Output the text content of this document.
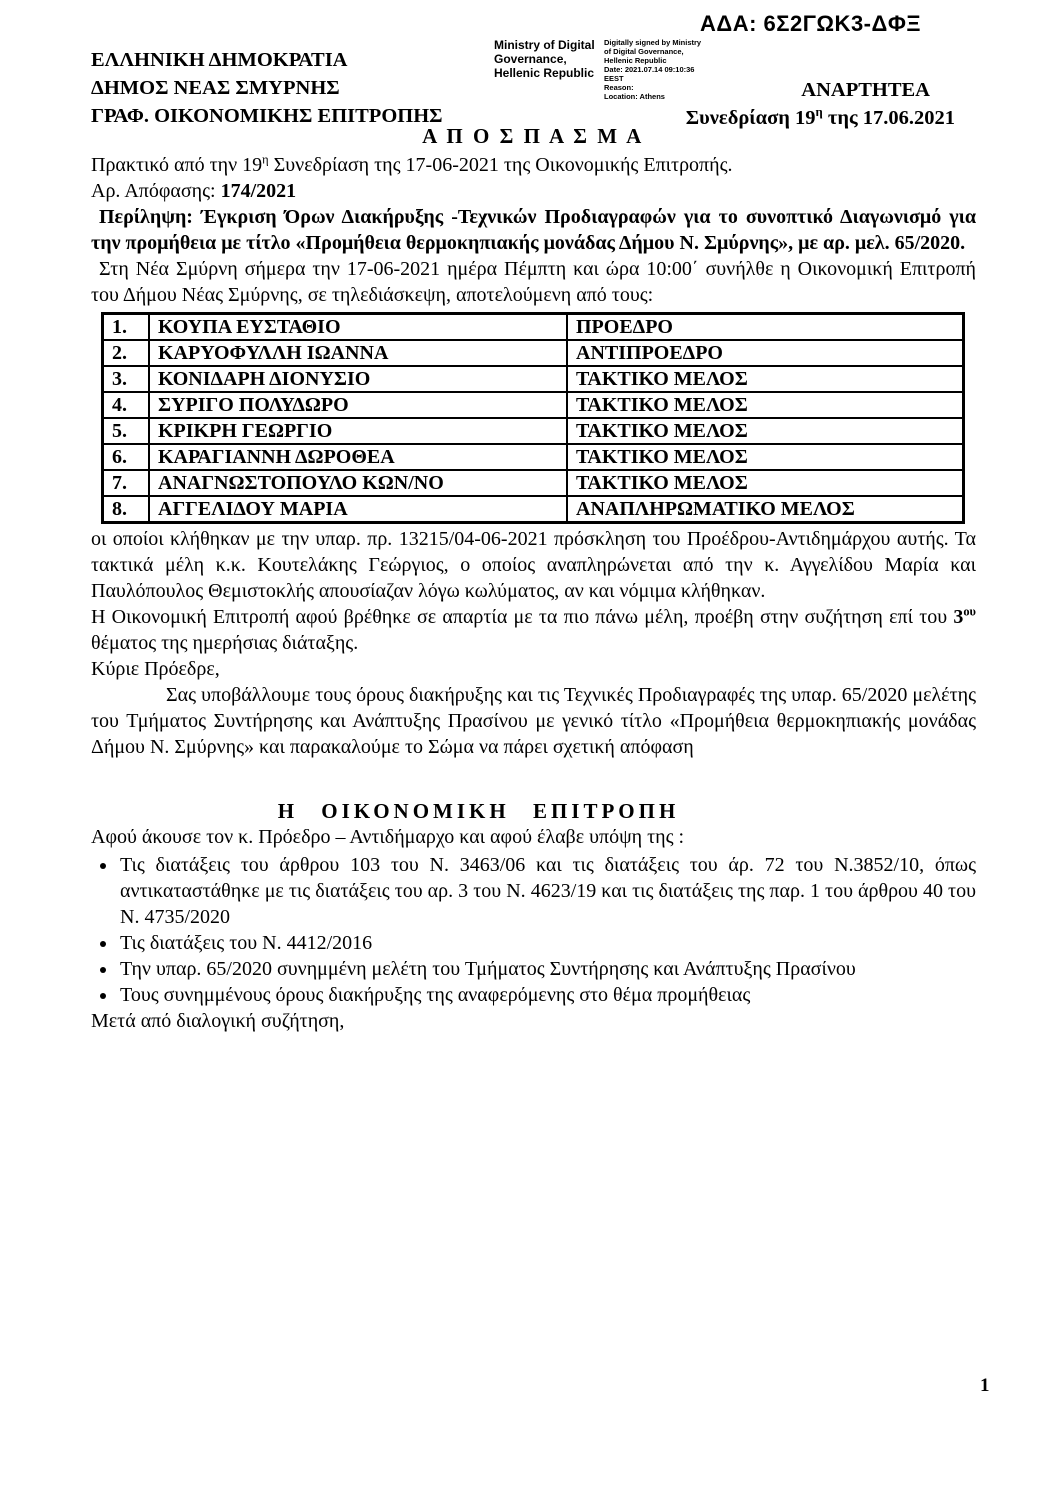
ΑΔΑ: 6Σ2ΓΩΚ3-ΔΦΞ
ΕΛΛΗΝΙΚΗ ΔΗΜΟΚΡΑΤΙΑ
ΔΗΜΟΣ ΝΕΑΣ ΣΜΥΡΝΗΣ
ΓΡΑΦ. ΟΙΚΟΝΟΜΙΚΗΣ ΕΠΙΤΡΟΠΗΣ
Ministry of Digital
Governance,
Hellenic Republic
Digitally signed by Ministry
of Digital Governance,
Hellenic Republic
Date: 2021.07.14 09:10:36
EEST
Reason:
Location: Athens	ΑΝΑΡΤΗΤΕΑ
Συνεδρίαση $19^\eta$ της 17.06.2021
Α Π Ο Σ Π Α Σ Μ Α

Πρακτικό από την $19^\eta$ Συνεδρίαση της 17-06-2021 της Οικονομικής Επιτροπής.

Αρ. Απόφασης: 174/2021

Περίληψη: Έγκριση Όρων Διακήρυξης -Τεχνικών Προδιαγραφών για το συνοπτικό Διαγωνισμό για την προμήθεια με τίτλο «Προμήθεια θερμοκηπιακής μονάδας Δήμου Ν. Σμύρνης», με αρ. μελ. 65/2020.

Στη Νέα Σμύρνη σήμερα την 17-06-2021 ημέρα Πέμπτη και ώρα 10:00΄ συνήλθε η Οικονομική Επιτροπή του Δήμου Νέας Σμύρνης, σε τηλεδιάσκεψη, αποτελούμενη από τους:

1.	ΚΟΥΠΑ ΕΥΣΤΑΘΙΟ	ΠΡΟΕΔΡΟ
2.	ΚΑΡΥΟΦΥΛΛΗ ΙΩΑΝΝΑ	ΑΝΤΙΠΡΟΕΔΡΟ
3.	ΚΟΝΙΔΑΡΗ ΔΙΟΝΥΣΙΟ	ΤΑΚΤΙΚΟ ΜΕΛΟΣ
4.	ΣΥΡΙΓΟ ΠΟΛΥΔΩΡΟ	ΤΑΚΤΙΚΟ ΜΕΛΟΣ
5.	ΚΡΙΚΡΗ ΓΕΩΡΓΙΟ	ΤΑΚΤΙΚΟ ΜΕΛΟΣ
6.	ΚΑΡΑΓΙΑΝΝΗ ΔΩΡΟΘΕΑ	ΤΑΚΤΙΚΟ ΜΕΛΟΣ
7.	ΑΝΑΓΝΩΣΤΟΠΟΥΛΟ ΚΩΝ/ΝΟ	ΤΑΚΤΙΚΟ ΜΕΛΟΣ
8.	ΑΓΓΕΛΙΔΟΥ ΜΑΡΙΑ	ΑΝΑΠΛΗΡΩΜΑΤΙΚΟ ΜΕΛΟΣ

οι οποίοι κλήθηκαν με την υπαρ. πρ. 13215/04-06-2021 πρόσκληση του Προέδρου-Αντιδημάρχου αυτής. Τα τακτικά μέλη κ.κ. Κουτελάκης Γεώργιος, ο οποίος αναπληρώνεται από την κ. Αγγελίδου Μαρία και Παυλόπουλος Θεμιστοκλής απουσίαζαν λόγω κωλύματος, αν και νόμιμα κλήθηκαν.

Η Οικονομική Επιτροπή αφού βρέθηκε σε απαρτία με τα πιο πάνω μέλη, προέβη στην συζήτηση επί του $3^{o\upsilon}$ θέματος της ημερήσιας διάταξης.

Κύριε Πρόεδρε,

Σας υποβάλλουμε τους όρους διακήρυξης και τις Τεχνικές Προδιαγραφές της υπαρ. 65/2020 μελέτης του Τμήματος Συντήρησης και Ανάπτυξης Πρασίνου με γενικό τίτλο «Προμήθεια θερμοκηπιακής μονάδας Δήμου Ν. Σμύρνης» και παρακαλούμε το Σώμα να πάρει σχετική απόφαση

Η ΟΙΚΟΝΟΜΙΚΗ ΕΠΙΤΡΟΠΗ

Αφού άκουσε τον κ. Πρόεδρο – Αντιδήμαρχο και αφού έλαβε υπόψη της :

• Τις διατάξεις του άρθρου 103 του Ν. 3463/06 και τις διατάξεις του άρ. 72 του Ν.3852/10, όπως αντικαταστάθηκε με τις διατάξεις του αρ. 3 του Ν. 4623/19 και τις διατάξεις της παρ. 1 του άρθρου 40 του Ν. 4735/2020
• Τις διατάξεις του Ν. 4412/2016
• Την υπαρ. 65/2020 συνημμένη μελέτη του Τμήματος Συντήρησης και Ανάπτυξης Πρασίνου
• Τους συνημμένους όρους διακήρυξης της αναφερόμενης στο θέμα προμήθειας

Μετά από διαλογική συζήτηση,

1
